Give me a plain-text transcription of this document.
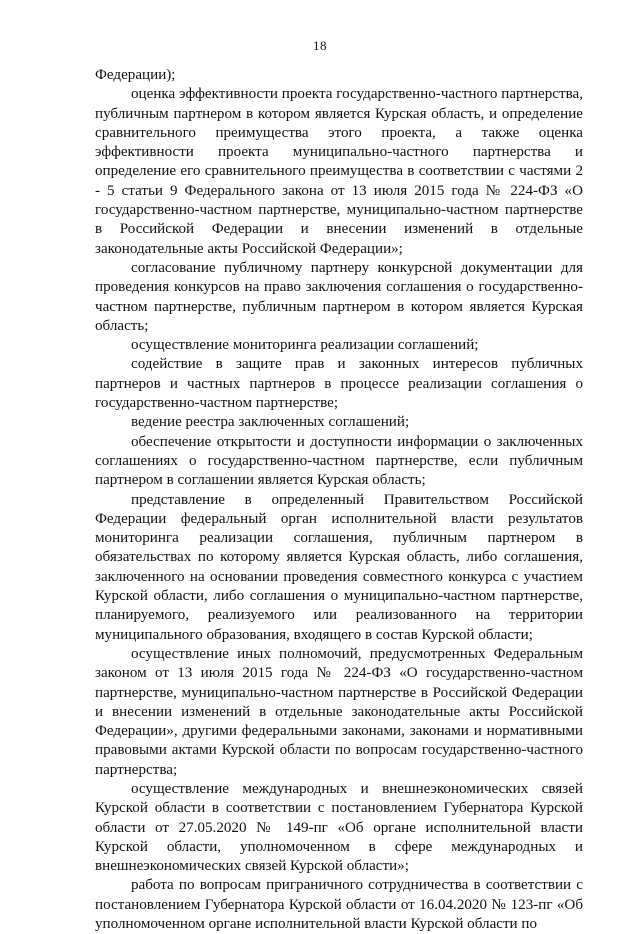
18

Федерации);

оценка эффективности проекта государственно-частного партнерства, публичным партнером в котором является Курская область, и определение сравнительного преимущества этого проекта, а также оценка эффективности проекта муниципально-частного партнерства и определение его сравнительного преимущества в соответствии с частями 2 - 5 статьи 9 Федерального закона от 13 июля 2015 года № 224-ФЗ «О государственно-частном партнерстве, муниципально-частном партнерстве в Российской Федерации и внесении изменений в отдельные законодательные акты Российской Федерации»;

согласование публичному партнеру конкурсной документации для проведения конкурсов на право заключения соглашения о государственно-частном партнерстве, публичным партнером в котором является Курская область;

осуществление мониторинга реализации соглашений;

содействие в защите прав и законных интересов публичных партнеров и частных партнеров в процессе реализации соглашения о государственно-частном партнерстве;

ведение реестра заключенных соглашений;

обеспечение открытости и доступности информации о заключенных соглашениях о государственно-частном партнерстве, если публичным партнером в соглашении является Курская область;

представление в определенный Правительством Российской Федерации федеральный орган исполнительной власти результатов мониторинга реализации соглашения, публичным партнером в обязательствах по которому является Курская область, либо соглашения, заключенного на основании проведения совместного конкурса с участием Курской области, либо соглашения о муниципально-частном партнерстве, планируемого, реализуемого или реализованного на территории муниципального образования, входящего в состав Курской области;

осуществление иных полномочий, предусмотренных Федеральным законом от 13 июля 2015 года № 224-ФЗ «О государственно-частном партнерстве, муниципально-частном партнерстве в Российской Федерации и внесении изменений в отдельные законодательные акты Российской Федерации», другими федеральными законами, законами и нормативными правовыми актами Курской области по вопросам государственно-частного партнерства;

осуществление международных и внешнеэкономических связей Курской области в соответствии с постановлением Губернатора Курской области от 27.05.2020 № 149-пг «Об органе исполнительной власти Курской области, уполномоченном в сфере международных и внешнеэкономических связей Курской области»;

работа по вопросам приграничного сотрудничества в соответствии с постановлением Губернатора Курской области от 16.04.2020 № 123-пг «Об уполномоченном органе исполнительной власти Курской области по
